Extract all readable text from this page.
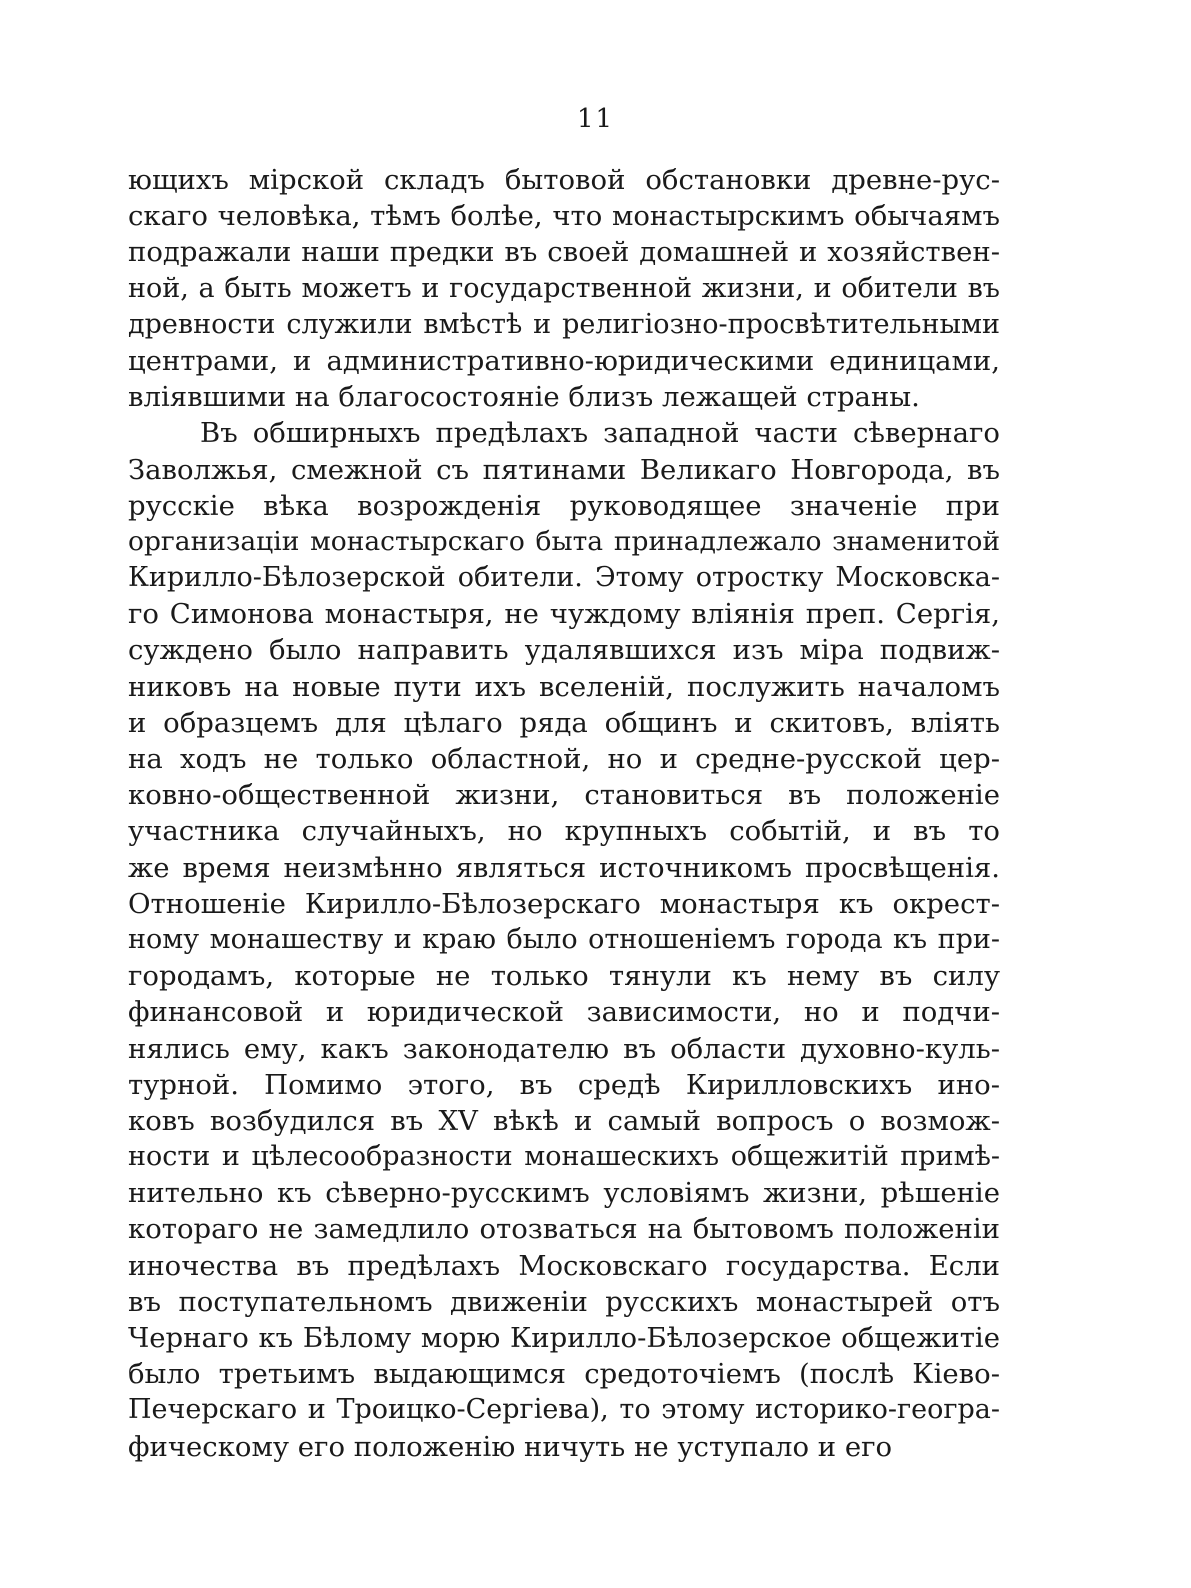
11
ющихъ мірской складъ бытовой обстановки древне-рус-
скаго человѣка, тѣмъ болѣе, что монастырскимъ обычаямъ
подражали наши предки въ своей домашней и хозяйствен-
ной, а быть можетъ и государственной жизни, и обители въ
древности служили вмѣстѣ и религіозно-просвѣтительными
центрами, и административно-юридическими единицами,
вліявшими на благосостояніе близъ лежащей страны.
Въ обширныхъ предѣлахъ западной части сѣвернаго
Заволжья, смежной съ пятинами Великаго Новгорода, въ
русскіе вѣка возрожденія руководящее значеніе при
организаціи монастырскаго быта принадлежало знаменитой
Кирилло-Бѣлозерской обители. Этому отростку Московска-
го Симонова монастыря, не чуждому вліянія преп. Сергія,
суждено было направить удалявшихся изъ міра подвиж-
никовъ на новые пути ихъ вселеній, послужить началомъ
и образцемъ для цѣлаго ряда общинъ и скитовъ, влiять
на ходъ не только областной, но и средне-русской цер-
ковно-общественной жизни, становиться въ положеніе
участника случайныхъ, но крупныхъ событій, и въ то
же время неизмѣнно являться источникомъ просвѣщенія.
Отношеніе Кирилло-Бѣлозерскаго монастыря къ окрест-
ному монашеству и краю было отношеніемъ города къ при-
городамъ, которые не только тянули къ нему въ силу
финансовой и юридической зависимости, но и подчи-
нялись ему, какъ законодателю въ области духовно-куль-
турной. Помимо этого, въ средѣ Кирилловскихъ ино-
ковъ возбудился въ XV вѣкѣ и самый вопросъ о возмож-
ности и цѣлесообразности монашескихъ общежитій примѣ-
нительно къ сѣверно-русскимъ условіямъ жизни, рѣшеніе
котораго не замедлило отозваться на бытовомъ положеніи
иночества въ предѣлахъ Московскаго государства. Если
въ поступательномъ движеніи русскихъ монастырей отъ
Чернаго къ Бѣлому морю Кирилло-Бѣлозерское общежитіе
было третьимъ выдающимся средоточіемъ (послѣ Кіево-
Печерскаго и Троицко-Сергіева), то этому историко-геогра-
фическому его положенію ничуть не уступало и его
